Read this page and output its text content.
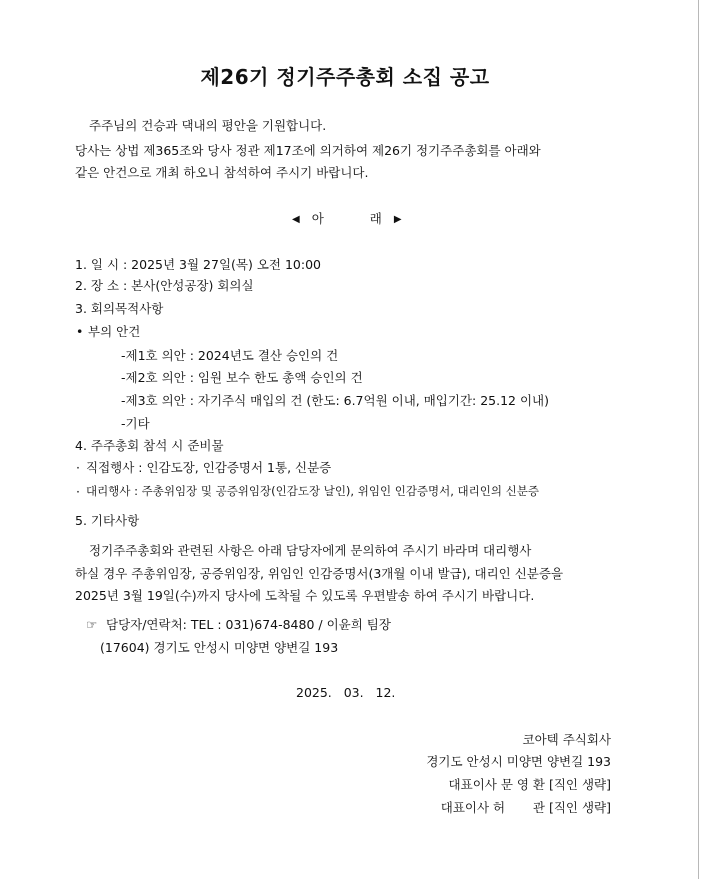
제26기 정기주주총회 소집 공고
주주님의 건승과 댁내의 평안을 기원합니다.
당사는 상법 제365조와 당사 정관 제17조에 의거하여 제26기 정기주주총회를 아래와
같은 안건으로 개최 하오니 참석하여 주시기 바랍니다.
◀ 아	래 ▶
1. 일 시 : 2025년 3월 27일(목) 오전 10:00
2. 장 소 : 본사(안성공장) 회의실
3. 회의목적사항
• 부의 안건
-제1호 의안 : 2024년도 결산 승인의 건
-제2호 의안 : 임원 보수 한도 총액 승인의 건
-제3호 의안 : 자기주식 매입의 건 (한도: 6.7억원 이내, 매입기간: 25.12 이내)
-기타
4. 주주총회 참석 시 준비물
· 직접행사 : 인감도장, 인감증명서 1통, 신분증
· 대리행사 : 주총위임장 및 공증위임장(인감도장 날인), 위임인 인감증명서, 대리인의 신분증
5. 기타사항
정기주주총회와 관련된 사항은 아래 담당자에게 문의하여 주시기 바라며 대리행사
하실 경우 주총위임장, 공증위임장, 위임인 인감증명서(3개월 이내 발급), 대리인 신분증을
2025년 3월 19일(수)까지 당사에 도착될 수 있도록 우편발송 하여 주시기 바랍니다.
☞ 담당자/연락처: TEL : 031)674-8480 / 이윤희 팀장
(17604) 경기도 안성시 미양면 양변길 193
2025.   03.   12.
코아텍 주식회사
경기도 안성시 미양면 양변길 193
대표이사 문 영 환 [직인 생략]
대표이사 허       관 [직인 생략]
